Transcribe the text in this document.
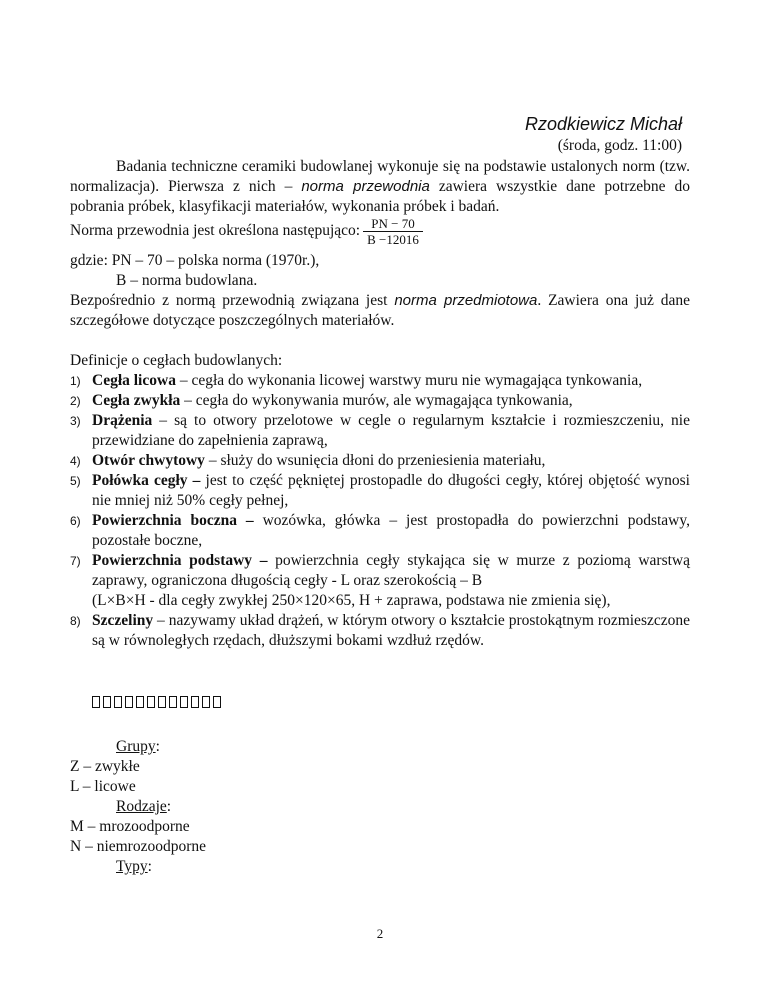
Rzodkiewicz Michał
(środa, godz. 11:00)
Badania techniczne ceramiki budowlanej wykonuje się na podstawie ustalonych norm (tzw. normalizacja). Pierwsza z nich – norma przewodnia zawiera wszystkie dane potrzebne do pobrania próbek, klasyfikacji materiałów, wykonania próbek i badań.
Norma przewodnia jest określona następująco: $\frac{PN - 70}{B -12016}$
gdzie: PN – 70 – polska norma (1970r.),
B – norma budowlana.
Bezpośrednio z normą przewodnią związana jest norma przedmiotowa. Zawiera ona już dane szczegółowe dotyczące poszczególnych materiałów.
Definicje o cegłach budowlanych:
1) Cegła licowa – cegła do wykonania licowej warstwy muru nie wymagająca tynkowania,
2) Cegła zwykła – cegła do wykonywania murów, ale wymagająca tynkowania,
3) Drążenia – są to otwory przelotowe w cegle o regularnym kształcie i rozmieszczeniu, nie przewidziane do zapełnienia zaprawą,
4) Otwór chwytowy – służy do wsunięcia dłoni do przeniesienia materiału,
5) Połówka cegły – jest to część pękniętej prostopadle do długości cegły, której objętość wynosi nie mniej niż 50% cegły pełnej,
6) Powierzchnia boczna – wozówka, główka – jest prostopadła do powierzchni podstawy, pozostałe boczne,
7) Powierzchnia podstawy – powierzchnia cegły stykająca się w murze z poziomą warstwą zaprawy, ograniczona długością cegły - L oraz szerokością – B
(L×B×H - dla cegły zwykłej 250×120×65, H + zaprawa, podstawa nie zmienia się),
8) Szczeliny – nazywamy układ drążeń, w którym otwory o kształcie prostokątnym rozmieszczone są w równoległych rzędach, dłuższymi bokami wzdłuż rzędów.
Grupy:
Z – zwykłe
L – licowe
Rodzaje:
M – mrozoodporne
N – niemrozoodporne
Typy:
2
